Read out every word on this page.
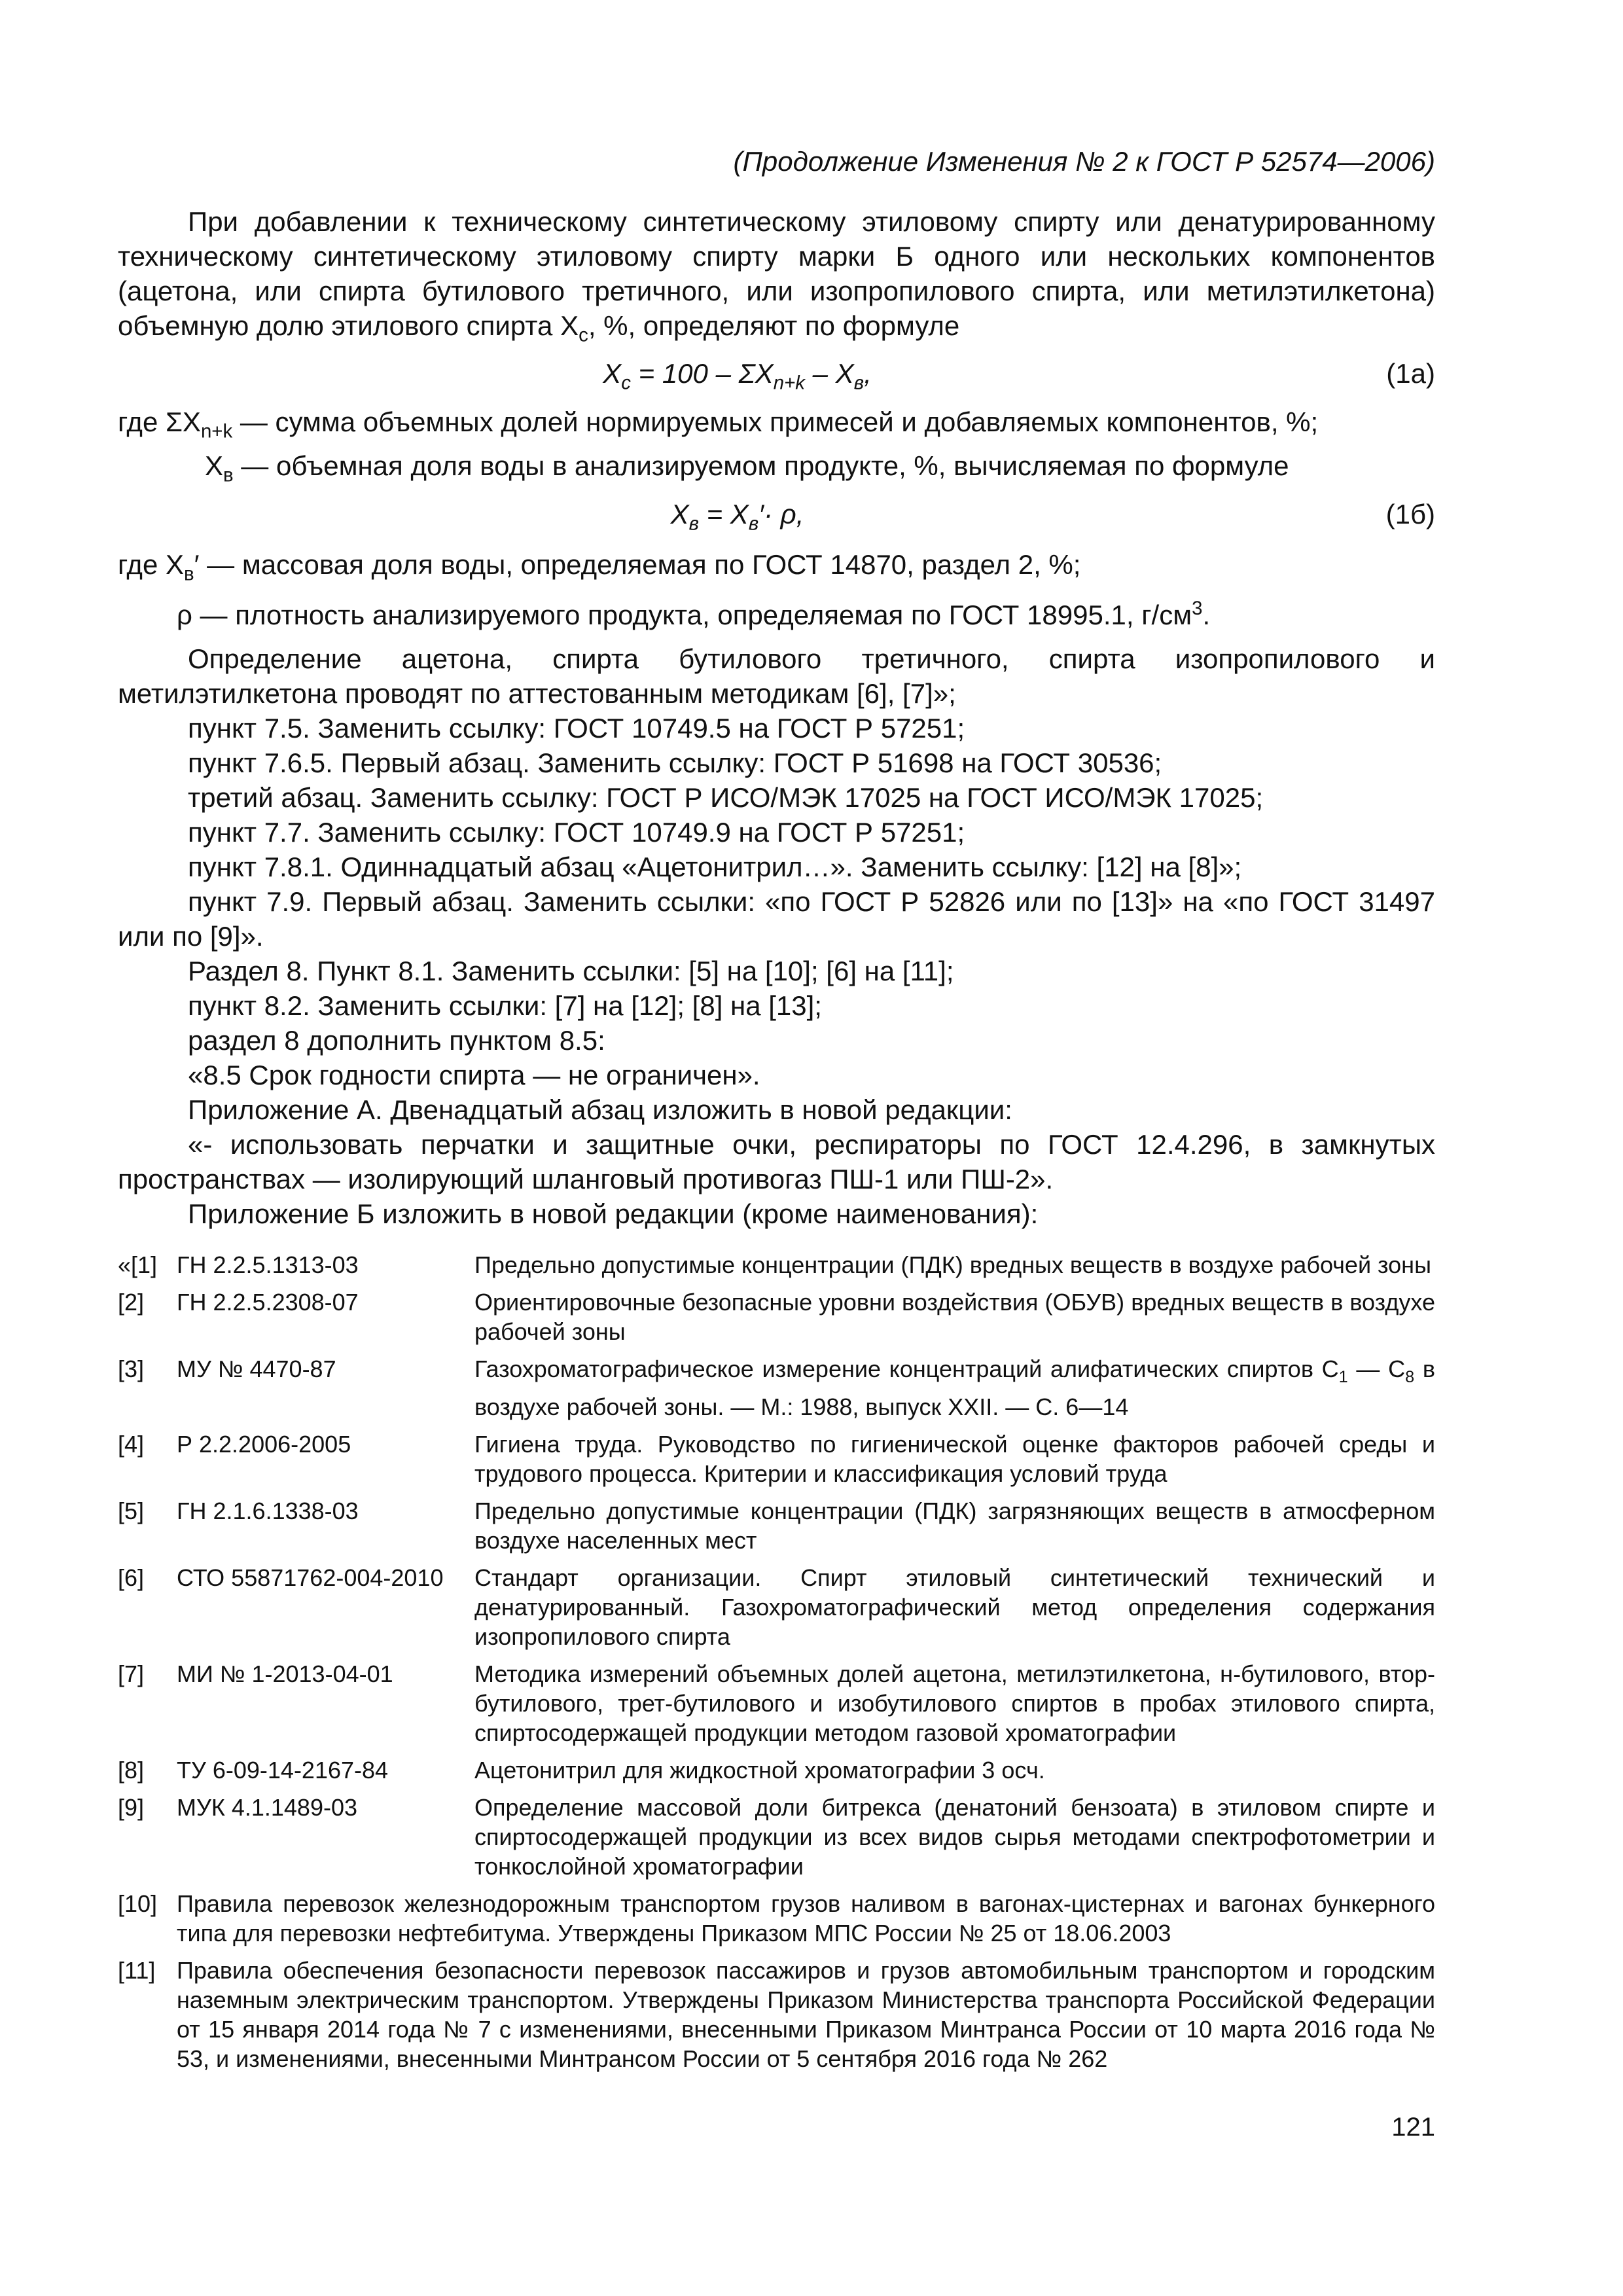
(Продолжение Изменения № 2 к ГОСТ Р 52574—2006)

При добавлении к техническому синтетическому этиловому спирту или денатурированному техническому синтетическому этиловому спирту марки Б одного или нескольких компонентов (ацетона, или спирта бутилового третичного, или изопропилового спирта, или метилэтилкетона) объемную долю этилового спирта $X_c$, %, определяют по формуле

$X_c = 100 - \Sigma X_{n+k} - X_в$,	(1а)

где $\Sigma X_{n+k}$ — сумма объемных долей нормируемых примесей и добавляемых компонентов, %;

$X_в$ — объемная доля воды в анализируемом продукте, %, вычисляемая по формуле

$X_в = X_в'\cdot \rho$,	(1б)

где $X_в'$ — массовая доля воды, определяемая по ГОСТ 14870, раздел 2, %;

ρ — плотность анализируемого продукта, определяемая по ГОСТ 18995.1, $г/см^3$.

Определение ацетона, спирта бутилового третичного, спирта изопропилового и метилэтилкетона проводят по аттестованным методикам [6], [7]»;

пункт 7.5. Заменить ссылку: ГОСТ 10749.5 на ГОСТ Р 57251;

пункт 7.6.5. Первый абзац. Заменить ссылку: ГОСТ Р 51698 на ГОСТ 30536;

третий абзац. Заменить ссылку: ГОСТ Р ИСО/МЭК 17025 на ГОСТ ИСО/МЭК 17025;

пункт 7.7. Заменить ссылку: ГОСТ 10749.9 на ГОСТ Р 57251;

пункт 7.8.1. Одиннадцатый абзац «Ацетонитрил…». Заменить ссылку: [12] на [8]»;

пункт 7.9. Первый абзац. Заменить ссылки: «по ГОСТ Р 52826 или по [13]» на «по ГОСТ 31497 или по [9]».

Раздел 8. Пункт 8.1. Заменить ссылки: [5] на [10]; [6] на [11];

пункт 8.2. Заменить ссылки: [7] на [12]; [8] на [13];

раздел 8 дополнить пунктом 8.5:

«8.5 Срок годности спирта — не ограничен».

Приложение А. Двенадцатый абзац изложить в новой редакции:

«- использовать перчатки и защитные очки, респираторы по ГОСТ 12.4.296, в замкнутых пространствах — изолирующий шланговый противогаз ПШ-1 или ПШ-2».

Приложение Б изложить в новой редакции (кроме наименования):

«[1] ГН 2.2.5.1313-03	Предельно допустимые концентрации (ПДК) вредных веществ в воздухе рабочей зоны
[2]	ГН 2.2.5.2308-07	Ориентировочные безопасные уровни воздействия (ОБУВ) вредных веществ в воздухе рабочей зоны
[3]	МУ № 4470-87	Газохроматографическое измерение концентраций алифатических спиртов $C_1$ — $C_8$ в воздухе рабочей зоны. — М.: 1988, выпуск XXII. — С. 6—14
[4]	Р 2.2.2006-2005	Гигиена труда. Руководство по гигиенической оценке факторов рабочей среды и трудового процесса. Критерии и классификация условий труда
[5]	ГН 2.1.6.1338-03	Предельно допустимые концентрации (ПДК) загрязняющих веществ в атмосферном воздухе населенных мест
[6]	СТО 55871762-004-2010	Стандарт организации. Спирт этиловый синтетический технический и денатурированный. Газохроматографический метод определения содержания изопропилового спирта
[7]	МИ № 1-2013-04-01	Методика измерений объемных долей ацетона, метилэтилкетона, н-бутилового, втор-бутилового, трет-бутилового и изобутилового спиртов в пробах этилового спирта, спиртосодержащей продукции методом газовой хроматографии
[8]	ТУ 6-09-14-2167-84	Ацетонитрил для жидкостной хроматографии 3 осч.
[9]	МУК 4.1.1489-03	Определение массовой доли битрекса (денатоний бензоата) в этиловом спирте и спиртосодержащей продукции из всех видов сырья методами спектрофотометрии и тонкослойной хроматографии
[10] Правила перевозок железнодорожным транспортом грузов наливом в вагонах-цистернах и вагонах бункерного типа для перевозки нефтебитума. Утверждены Приказом МПС России № 25 от 18.06.2003
[11] Правила обеспечения безопасности перевозок пассажиров и грузов автомобильным транспортом и городским наземным электрическим транспортом. Утверждены Приказом Министерства транспорта Российской Федерации от 15 января 2014 года № 7 с изменениями, внесенными Приказом Минтранса России от 10 марта 2016 года № 53, и изменениями, внесенными Минтрансом России от 5 сентября 2016 года № 262
121
